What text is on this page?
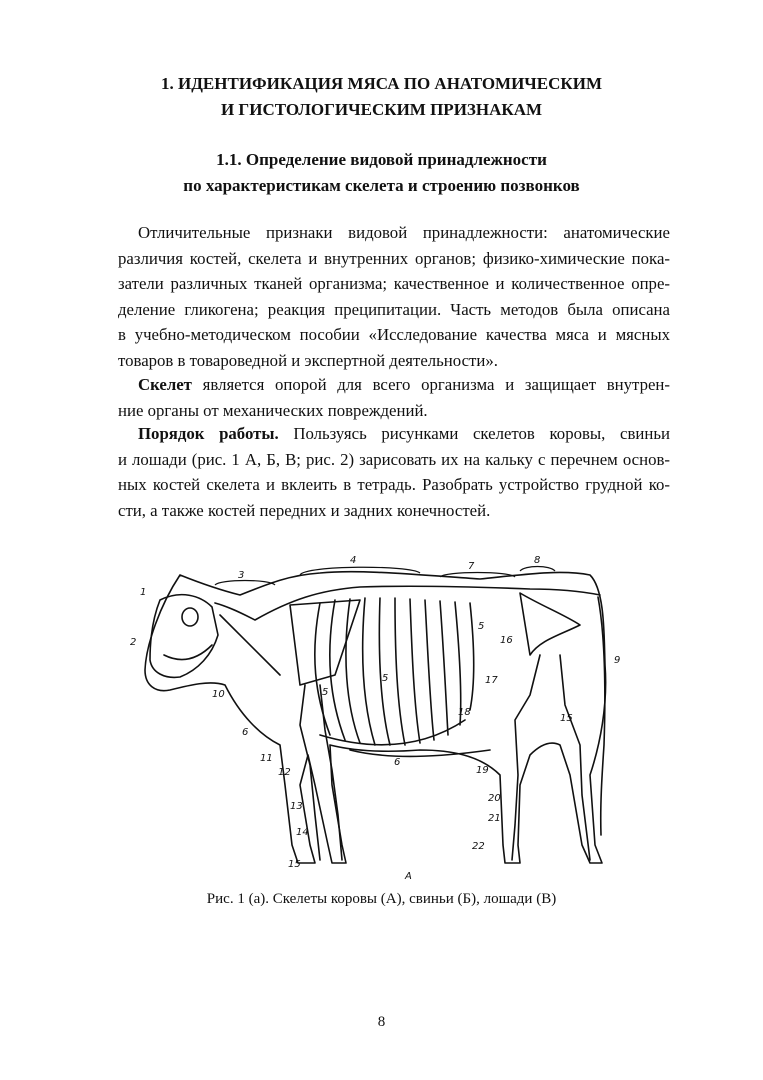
1. ИДЕНТИФИКАЦИЯ МЯСА ПО АНАТОМИЧЕСКИМ
И ГИСТОЛОГИЧЕСКИМ ПРИЗНАКАМ
1.1. Определение видовой принадлежности
по характеристикам скелета и строению позвонков
Отличительные признаки видовой принадлежности: анатомические
различия костей, скелета и внутренних органов; физико-химические пока-
затели различных тканей организма; качественное и количественное опре-
деление гликогена; реакция преципитации. Часть методов была описана
в учебно-методическом пособии «Исследование качества мяса и мясных
товаров в товароведной и экспертной деятельности».
Скелет является опорой для всего организма и защищает внутрен-
ние органы от механических повреждений.
Порядок работы. Пользуясь рисунками скелетов коровы, свиньи
и лошади (рис. 1 А, Б, В; рис. 2) зарисовать их на кальку с перечнем основ-
ных костей скелета и вклеить в тетрадь. Разобрать устройство грудной ко-
сти, а также костей передних и задних конечностей.
1
2
3
4
7
8
5
5
5
16
9
10
17
18
15
6
11	6
12	19
13
20
21
14
22
15
А

Рис. 1 (а). Скелеты коровы (А), свиньи (Б), лошади (В)

8
